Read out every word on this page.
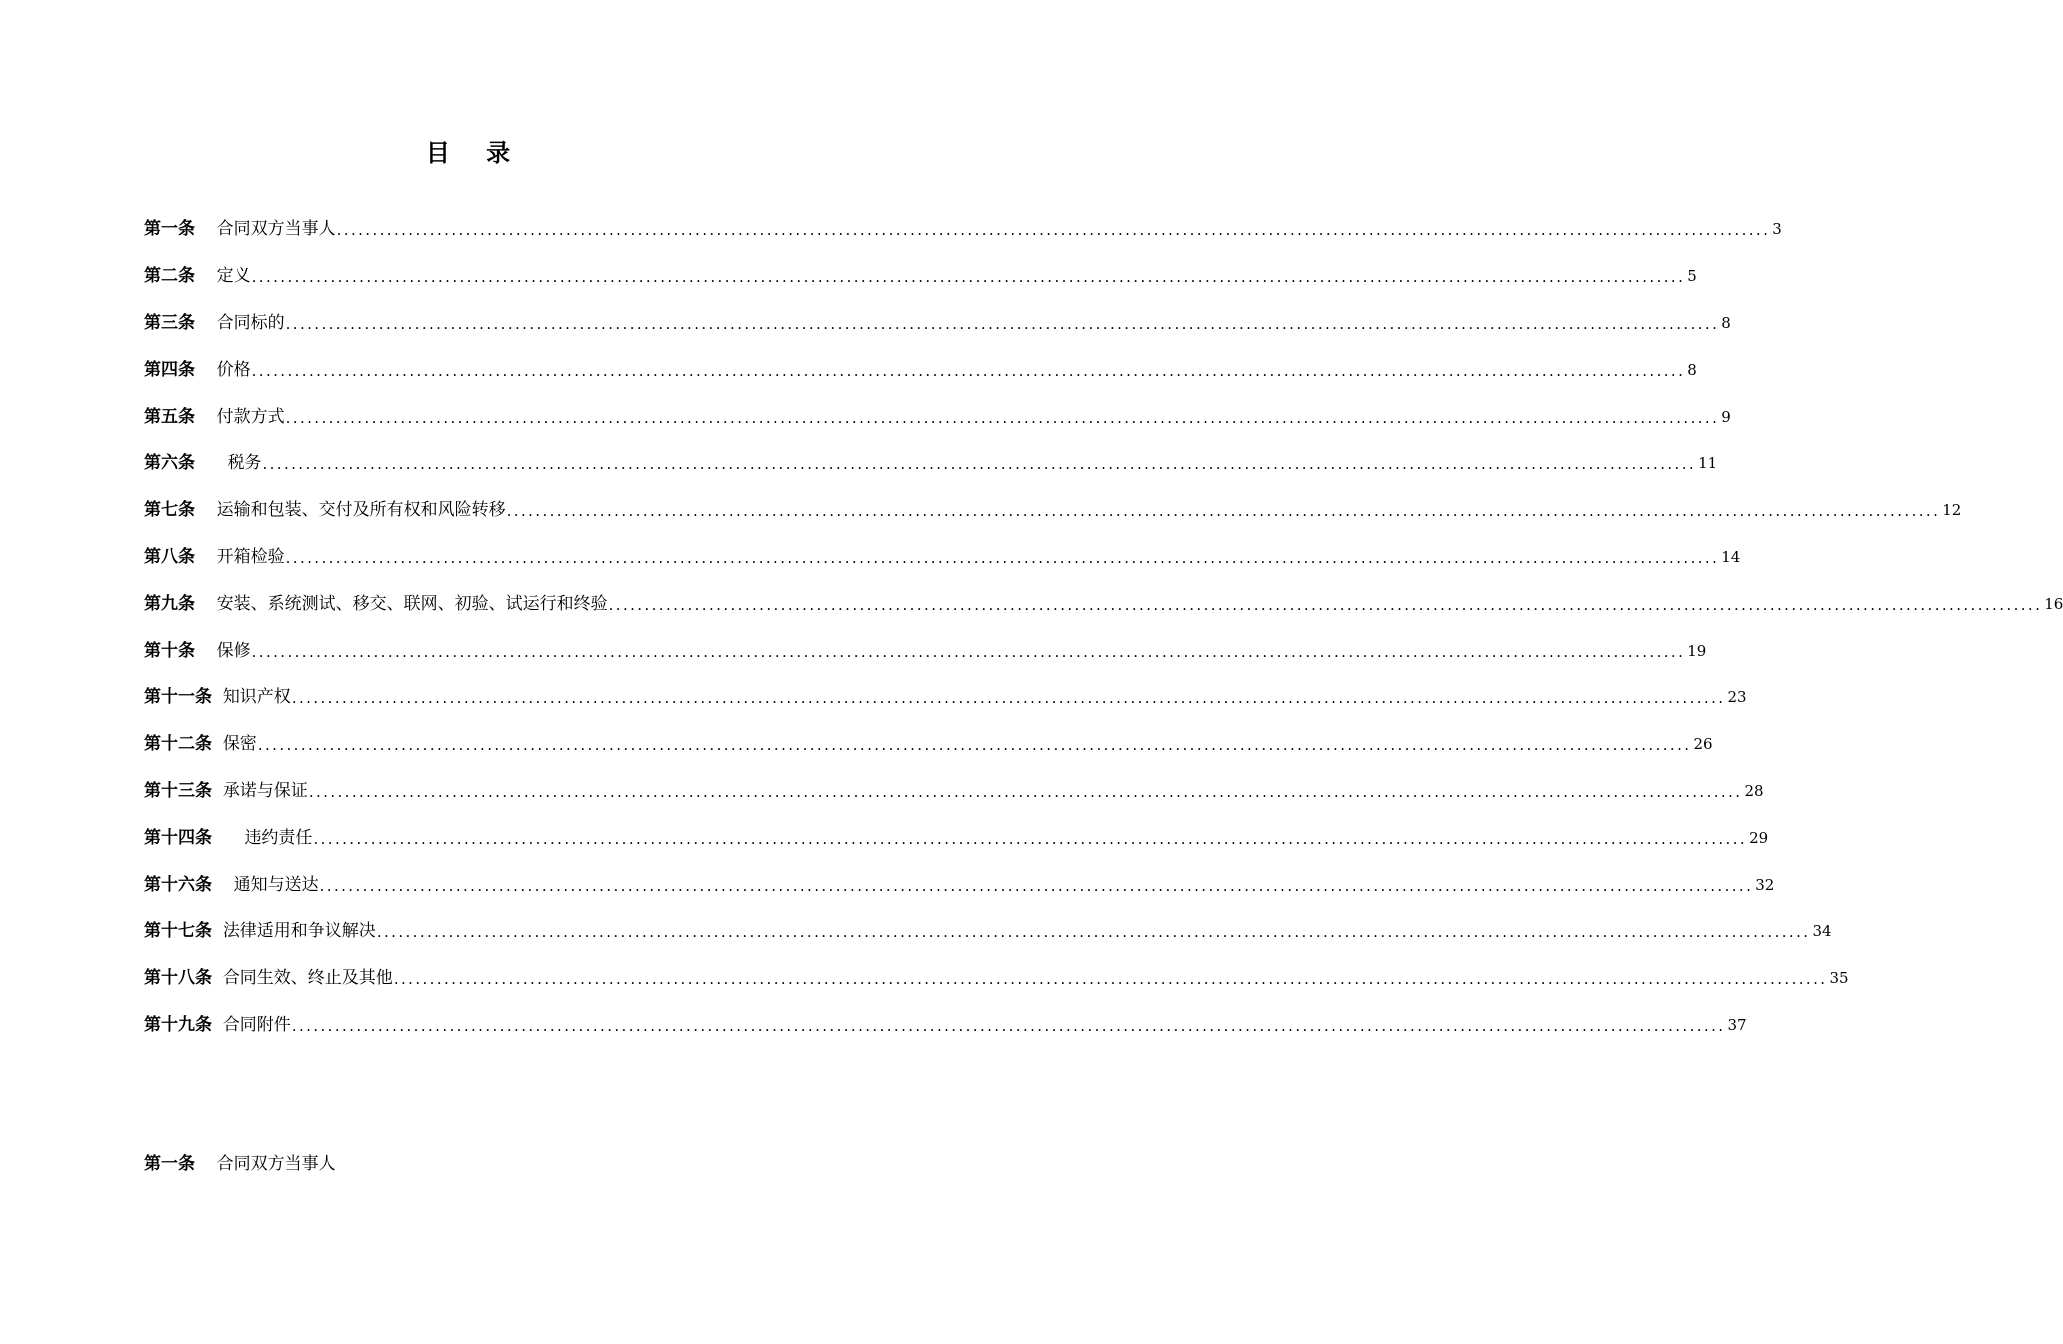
目 录
第一条
合同双方当事人 ........................................................................................................................................................................................................ 3
第二条
定义 ........................................................................................................................................................................................................ 5
第三条
合同标的 ........................................................................................................................................................................................................ 8
第四条
价格 ........................................................................................................................................................................................................ 8
第五条
付款方式 ........................................................................................................................................................................................................ 9
第六条
税务 ........................................................................................................................................................................................................ 11
第七条
运输和包装、交付及所有权和风险转移 ........................................................................................................................................................................................................ 12
第八条
开箱检验 ........................................................................................................................................................................................................ 14
第九条
安装、系统测试、移交、联网、初验、试运行和终验 ........................................................................................................................................................................................................ 16
第十条
保修 ........................................................................................................................................................................................................ 19
第十一条
知识产权 ........................................................................................................................................................................................................ 23
第十二条
保密 ........................................................................................................................................................................................................ 26
第十三条
承诺与保证 ........................................................................................................................................................................................................ 28
第十四条
违约责任 ........................................................................................................................................................................................................ 29
第十六条
通知与送达 ........................................................................................................................................................................................................ 32
第十七条
法律适用和争议解决 ........................................................................................................................................................................................................ 34
第十八条
合同生效、终止及其他 ........................................................................................................................................................................................................ 35
第十九条
合同附件 ........................................................................................................................................................................................................ 37
第一条 合同双方当事人
